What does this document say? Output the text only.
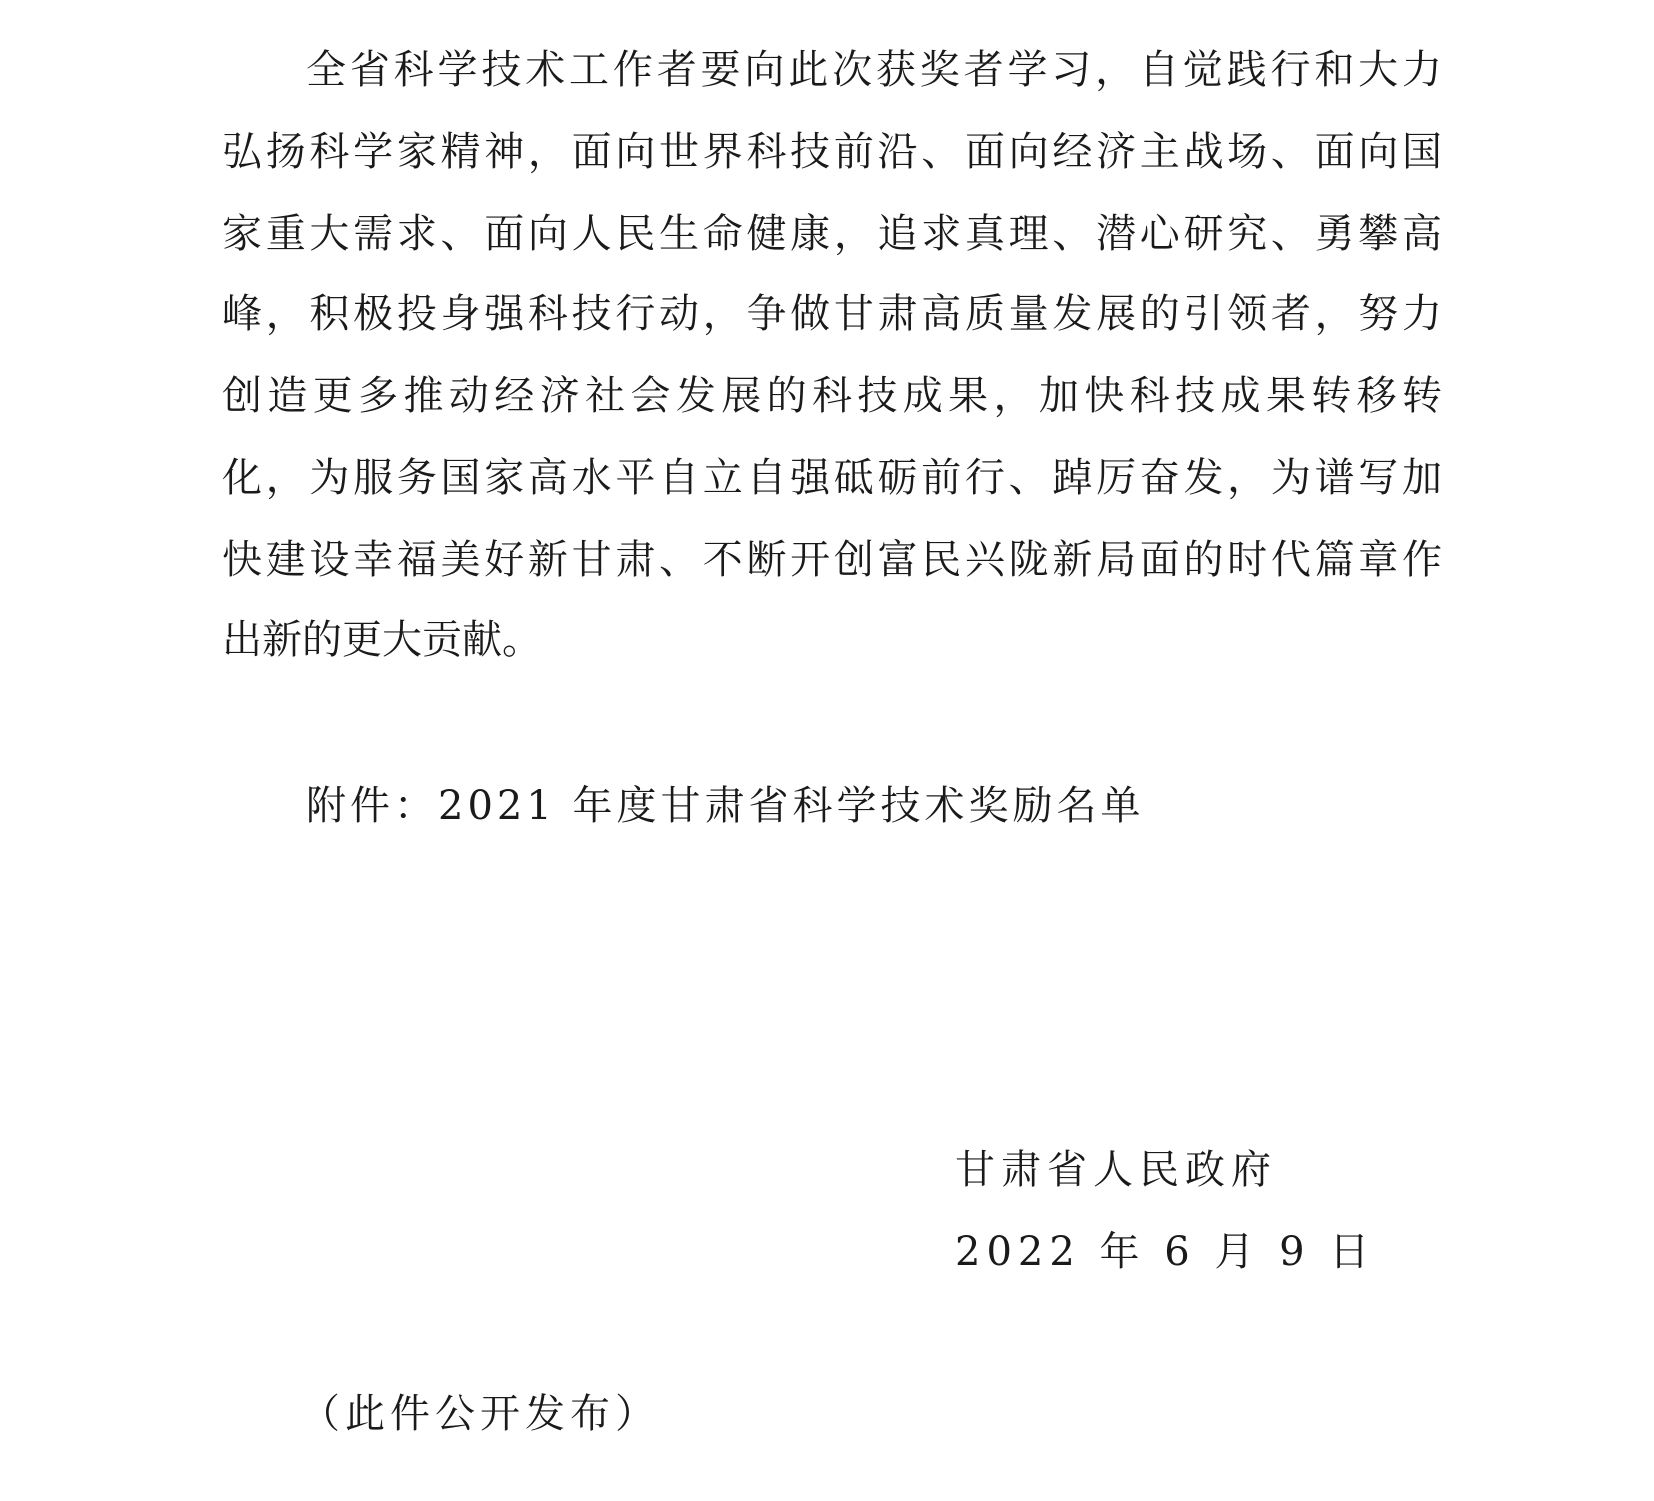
全省科学技术工作者要向此次获奖者学习，自觉践行和大力
弘扬科学家精神，面向世界科技前沿、面向经济主战场、面向国
家重大需求、面向人民生命健康，追求真理、潜心研究、勇攀高
峰，积极投身强科技行动，争做甘肃高质量发展的引领者，努力
创造更多推动经济社会发展的科技成果，加快科技成果转移转
化，为服务国家高水平自立自强砥砺前行、踔厉奋发，为谱写加
快建设幸福美好新甘肃、不断开创富民兴陇新局面的时代篇章作
出新的更大贡献。
附件：2021 年度甘肃省科学技术奖励名单
甘肃省人民政府
2022 年 6 月 9 日
（此件公开发布）
